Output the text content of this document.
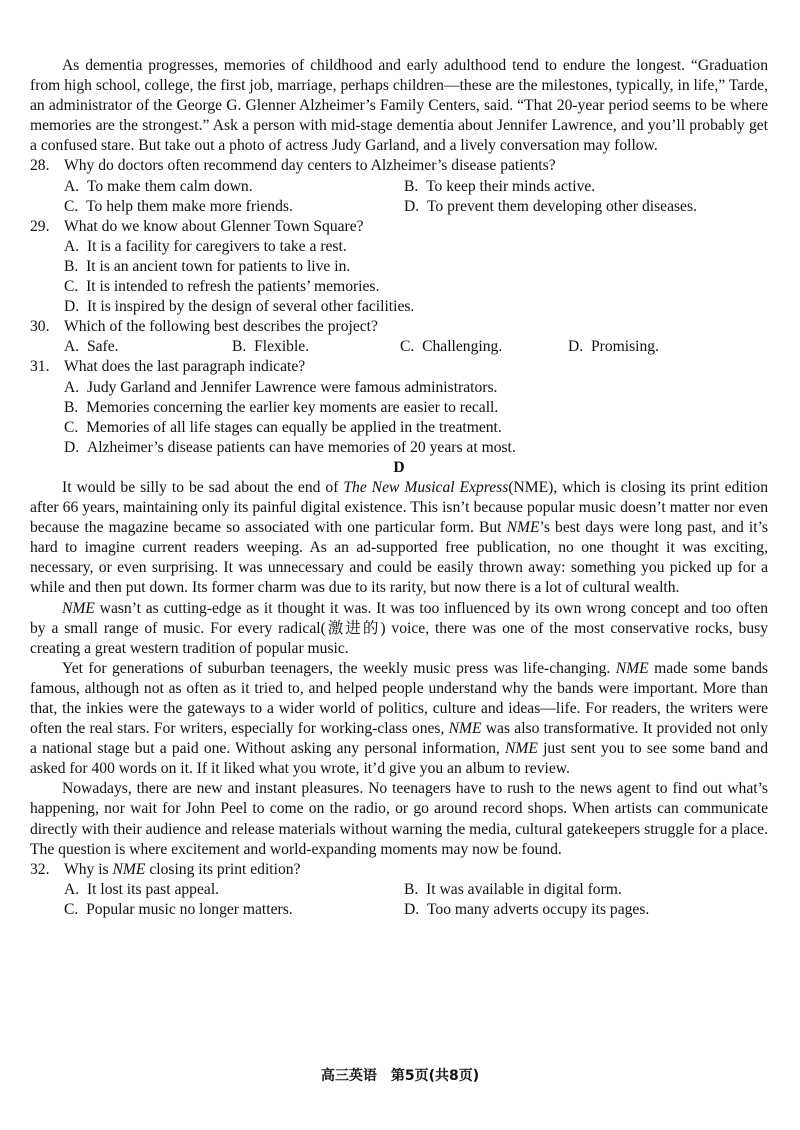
As dementia progresses, memories of childhood and early adulthood tend to endure the longest. “Graduation from high school, college, the first job, marriage, perhaps children—these are the milestones, typically, in life,” Tarde, an administrator of the George G. Glenner Alzheimer’s Family Centers, said. “That 20-year period seems to be where memories are the strongest.” Ask a person with mid-stage dementia about Jennifer Lawrence, and you’ll probably get a confused stare. But take out a photo of actress Judy Garland, and a lively conversation may follow.

28. Why do doctors often recommend day centers to Alzheimer’s disease patients?
A.  To make them calm down.	B.  To keep their minds active.
C.  To help them make more friends.	D.  To prevent them developing other diseases.
29. What do we know about Glenner Town Square?
A.  It is a facility for caregivers to take a rest.
B.  It is an ancient town for patients to live in.
C.  It is intended to refresh the patients’ memories.
D.  It is inspired by the design of several other facilities.
30. Which of the following best describes the project?
A.  Safe.	B.  Flexible.	C.  Challenging.	D.  Promising.
31. What does the last paragraph indicate?
A.  Judy Garland and Jennifer Lawrence were famous administrators.
B.  Memories concerning the earlier key moments are easier to recall.
C.  Memories of all life stages can equally be applied in the treatment.
D.  Alzheimer’s disease patients can have memories of 20 years at most.

D

It would be silly to be sad about the end of The New Musical Express(NME), which is closing its print edition after 66 years, maintaining only its painful digital existence. This isn’t because popular music doesn’t matter nor even because the magazine became so associated with one particular form. But NME’s best days were long past, and it’s hard to imagine current readers weeping. As an ad-supported free publication, no one thought it was exciting, necessary, or even surprising. It was unnecessary and could be easily thrown away: something you picked up for a while and then put down. Its former charm was due to its rarity, but now there is a lot of cultural wealth.

NME wasn’t as cutting-edge as it thought it was. It was too influenced by its own wrong concept and too often by a small range of music. For every radical(激进的) voice, there was one of the most conservative rocks, busy creating a great western tradition of popular music.

Yet for generations of suburban teenagers, the weekly music press was life-changing. NME made some bands famous, although not as often as it tried to, and helped people understand why the bands were important. More than that, the inkies were the gateways to a wider world of politics, culture and ideas—life. For readers, the writers were often the real stars. For writers, especially for working-class ones, NME was also transformative. It provided not only a national stage but a paid one. Without asking any personal information, NME just sent you to see some band and asked for 400 words on it. If it liked what you wrote, it’d give you an album to review.

Nowadays, there are new and instant pleasures. No teenagers have to rush to the news agent to find out what’s happening, nor wait for John Peel to come on the radio, or go around record shops. When artists can communicate directly with their audience and release materials without warning the media, cultural gatekeepers struggle for a place. The question is where excitement and world-expanding moments may now be found.

32. Why is NME closing its print edition?
A.  It lost its past appeal.	B.  It was available in digital form.
C.  Popular music no longer matters.	D.  Too many adverts occupy its pages.
高三英语　第5页(共8页)
